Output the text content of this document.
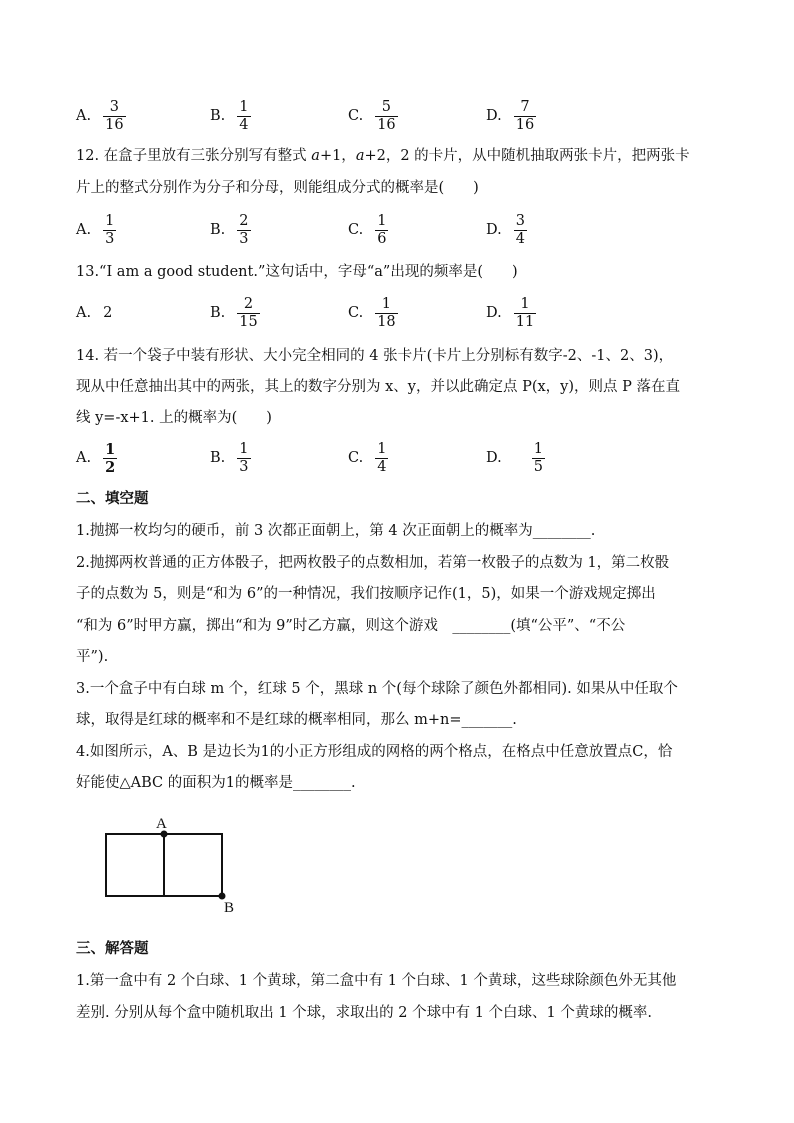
A. $\frac{3}{16}$	B. $\frac{1}{4}$	C. $\frac{5}{16}$	D. $\frac{7}{16}$
12. 在盒子里放有三张分别写有整式 a+1，a+2，2 的卡片，从中随机抽取两张卡片，把两张卡
片上的整式分别作为分子和分母，则能组成分式的概率是(　　)
A. $\frac{1}{3}$	B. $\frac{2}{3}$	C. $\frac{1}{6}$	D. $\frac{3}{4}$
13.“I am a good student.”这句话中，字母“a”出现的频率是(　　)
A. 2	B. $\frac{2}{15}$	C. $\frac{1}{18}$	D. $\frac{1}{11}$
14. 若一个袋子中装有形状、大小完全相同的 4 张卡片(卡片上分别标有数字-2、-1、2、3)，
现从中任意抽出其中的两张，其上的数字分别为 x、y，并以此确定点 P(x，y)，则点 P 落在直
线 y=-x+1. 上的概率为(　　)
A. $\frac{1}{2}$	B. $\frac{1}{3}$	C. $\frac{1}{4}$	D. $\frac{1}{5}$
二、填空题
1.抛掷一枚均匀的硬币，前 3 次都正面朝上，第 4 次正面朝上的概率为________.
2.抛掷两枚普通的正方体骰子，把两枚骰子的点数相加，若第一枚骰子的点数为 1，第二枚骰
子的点数为 5，则是“和为 6”的一种情况，我们按顺序记作(1，5)，如果一个游戏规定掷出
“和为 6”时甲方赢，掷出“和为 9”时乙方赢，则这个游戏　________(填“公平”、“不公
平”).
3.一个盒子中有白球 m 个，红球 5 个，黑球 n 个(每个球除了颜色外都相同). 如果从中任取个
球，取得是红球的概率和不是红球的概率相同，那么 m+n=_______.
4.如图所示，A、B 是边长为1的小正方形组成的网格的两个格点，在格点中任意放置点C，恰
好能使△ABC 的面积为1的概率是________.
A
B
三、解答题
1.第一盒中有 2 个白球、1 个黄球，第二盒中有 1 个白球、1 个黄球，这些球除颜色外无其他
差别. 分别从每个盒中随机取出 1 个球，求取出的 2 个球中有 1 个白球、1 个黄球的概率.
